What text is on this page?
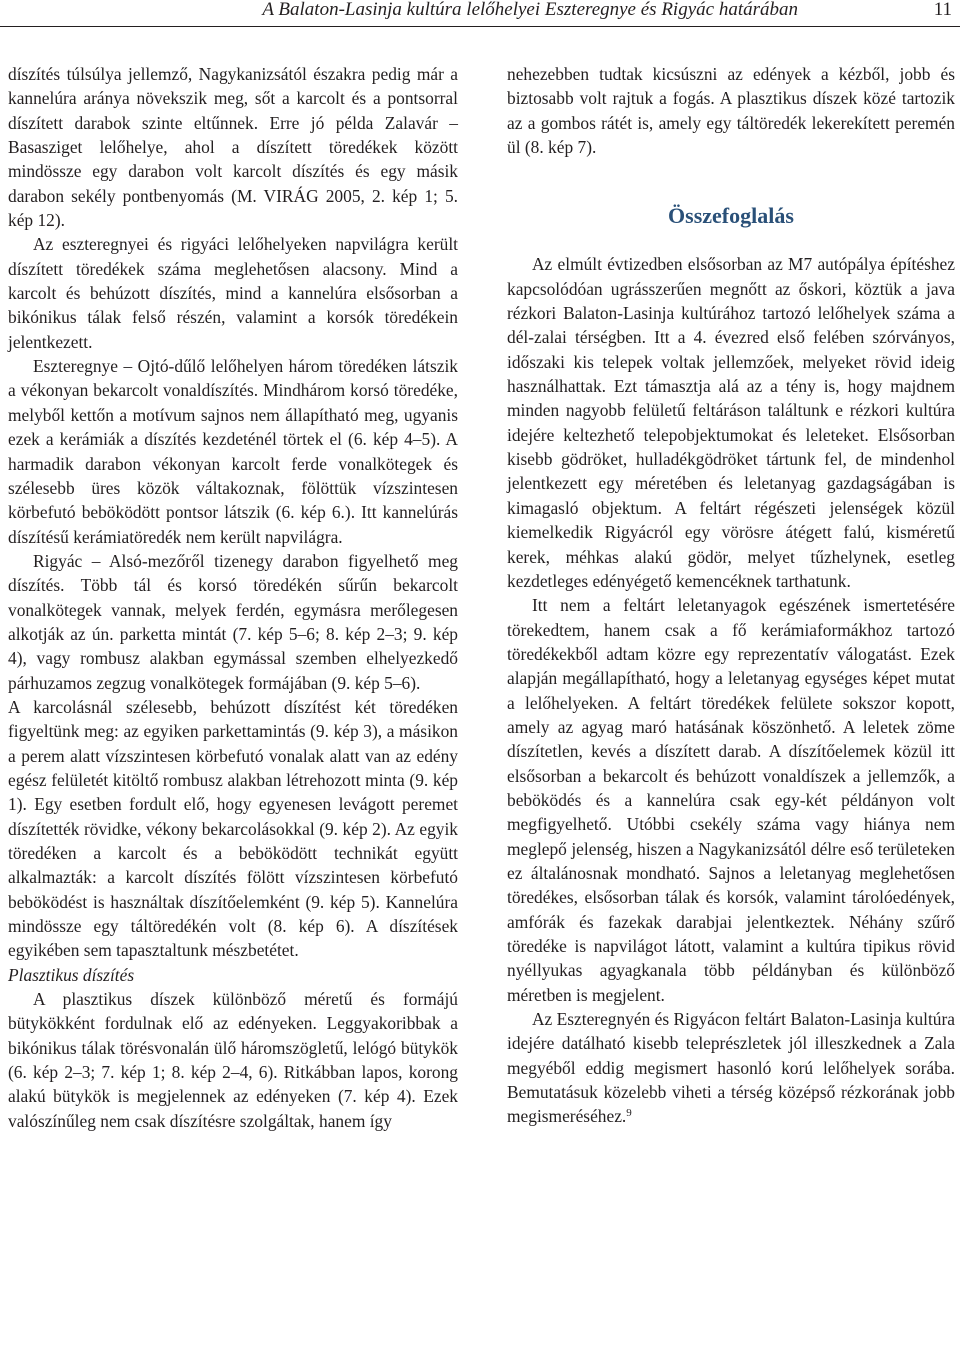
A Balaton-Lasinja kultúra lelőhelyei Eszteregnye és Rigyác határában	11

díszítés túlsúlya jellemző, Nagykanizsától északra pedig már a kannelúra aránya növekszik meg, sőt a karcolt és a pontsorral díszített darabok szinte eltűnnek. Erre jó példa Zalavár – Basasziget lelőhelye, ahol a díszített töredékek között mindössze egy darabon volt karcolt díszítés és egy másik darabon sekély pontbenyomás (M. VIRÁG 2005, 2. kép 1; 5. kép 12).

Az eszteregnyei és rigyáci lelőhelyeken napvilágra került díszített töredékek száma meglehetősen alacsony. Mind a karcolt és behúzott díszítés, mind a kannelúra elsősorban a bikónikus tálak felső részén, valamint a korsók töredékein jelentkezett.

Eszteregnye – Ojtó-dűlő lelőhelyen három töredéken látszik a vékonyan bekarcolt vonaldíszítés. Mindhárom korsó töredéke, melyből kettőn a motívum sajnos nem állapítható meg, ugyanis ezek a kerámiák a díszítés kezdeténél törtek el (6. kép 4–5). A harmadik darabon vékonyan karcolt ferde vonalkötegek és szélesebb üres közök váltakoznak, fölöttük vízszintesen körbefutó beböködött pontsor látszik (6. kép 6.). Itt kannelúrás díszítésű kerámiatöredék nem került napvilágra.

Rigyác – Alsó-mezőről tizenegy darabon figyelhető meg díszítés. Több tál és korsó töredékén sűrűn bekarcolt vonalkötegek vannak, melyek ferdén, egymásra merőlegesen alkotják az ún. parketta mintát (7. kép 5–6; 8. kép 2–3; 9. kép 4), vagy rombusz alakban egymással szemben elhelyezkedő párhuzamos zegzug vonalkötegek formájában (9. kép 5–6).

A karcolásnál szélesebb, behúzott díszítést két töredéken figyeltünk meg: az egyiken parkettamintás (9. kép 3), a másikon a perem alatt vízszintesen körbefutó vonalak alatt van az edény egész felületét kitöltő rombusz alakban létrehozott minta (9. kép 1). Egy esetben fordult elő, hogy egyenesen levágott peremet díszítették rövidke, vékony bekarcolásokkal (9. kép 2). Az egyik töredéken a karcolt és a beböködött technikát együtt alkalmazták: a karcolt díszítés fölött vízszintesen körbefutó beböködést is használtak díszítőelemként (9. kép 5). Kannelúra mindössze egy táltöredékén volt (8. kép 6). A díszítések egyikében sem tapasztaltunk mészbetétet.

Plasztikus díszítés

A plasztikus díszek különböző méretű és formájú bütykökként fordulnak elő az edényeken. Leggyakoribbak a bikónikus tálak törésvonalán ülő háromszögletű, lelógó bütykök (6. kép 2–3; 7. kép 1; 8. kép 2–4, 6). Ritkábban lapos, korong alakú bütykök is megjelennek az edényeken (7. kép 4). Ezek valószínűleg nem csak díszítésre szolgáltak, hanem így

nehezebben tudtak kicsúszni az edények a kézből, jobb és biztosabb volt rajtuk a fogás. A plasztikus díszek közé tartozik az a gombos rátét is, amely egy táltöredék lekerekített peremén ül (8. kép 7).

Összefoglalás

Az elmúlt évtizedben elsősorban az M7 autópálya építéshez kapcsolódóan ugrásszerűen megnőtt az őskori, köztük a java rézkori Balaton-Lasinja kultúrához tartozó lelőhelyek száma a dél-zalai térségben. Itt a 4. évezred első felében szórványos, időszaki kis telepek voltak jellemzőek, melyeket rövid ideig használhattak. Ezt támasztja alá az a tény is, hogy majdnem minden nagyobb felületű feltáráson találtunk e rézkori kultúra idejére keltezhető telepobjektumokat és leleteket. Elsősorban kisebb gödröket, hulladékgödröket tártunk fel, de mindenhol jelentkezett egy méretében és leletanyag gazdagságában is kimagasló objektum. A feltárt régészeti jelenségek közül kiemelkedik Rigyácról egy vörösre átégett falú, kisméretű kerek, méhkas alakú gödör, melyet tűzhelynek, esetleg kezdetleges edényégető kemencéknek tarthatunk.

Itt nem a feltárt leletanyagok egészének ismertetésére törekedtem, hanem csak a fő kerámiaformákhoz tartozó töredékekből adtam közre egy reprezentatív válogatást. Ezek alapján megállapítható, hogy a leletanyag egységes képet mutat a lelőhelyeken. A feltárt töredékek felülete sokszor kopott, amely az agyag maró hatásának köszönhető. A leletek zöme díszítetlen, kevés a díszített darab. A díszítőelemek közül itt elsősorban a bekarcolt és behúzott vonaldíszek a jellemzők, a beböködés és a kannelúra csak egy-két példányon volt megfigyelhető. Utóbbi csekély száma vagy hiánya nem meglepő jelenség, hiszen a Nagykanizsától délre eső területeken ez általánosnak mondható. Sajnos a leletanyag meglehetősen töredékes, elsősorban tálak és korsók, valamint tárolóedények, amfórák és fazekak darabjai jelentkeztek. Néhány szűrő töredéke is napvilágot látott, valamint a kultúra tipikus rövid nyéllyukas agyagkanala több példányban és különböző méretben is megjelent.

Az Eszteregnyén és Rigyácon feltárt Balaton-Lasinja kultúra idejére datálható kisebb teleprészletek jól illeszkednek a Zala megyéből eddig megismert hasonló korú lelőhelyek sorába. Bemutatásuk közelebb viheti a térség középső rézkorának jobb megismeréséhez.$^9$
